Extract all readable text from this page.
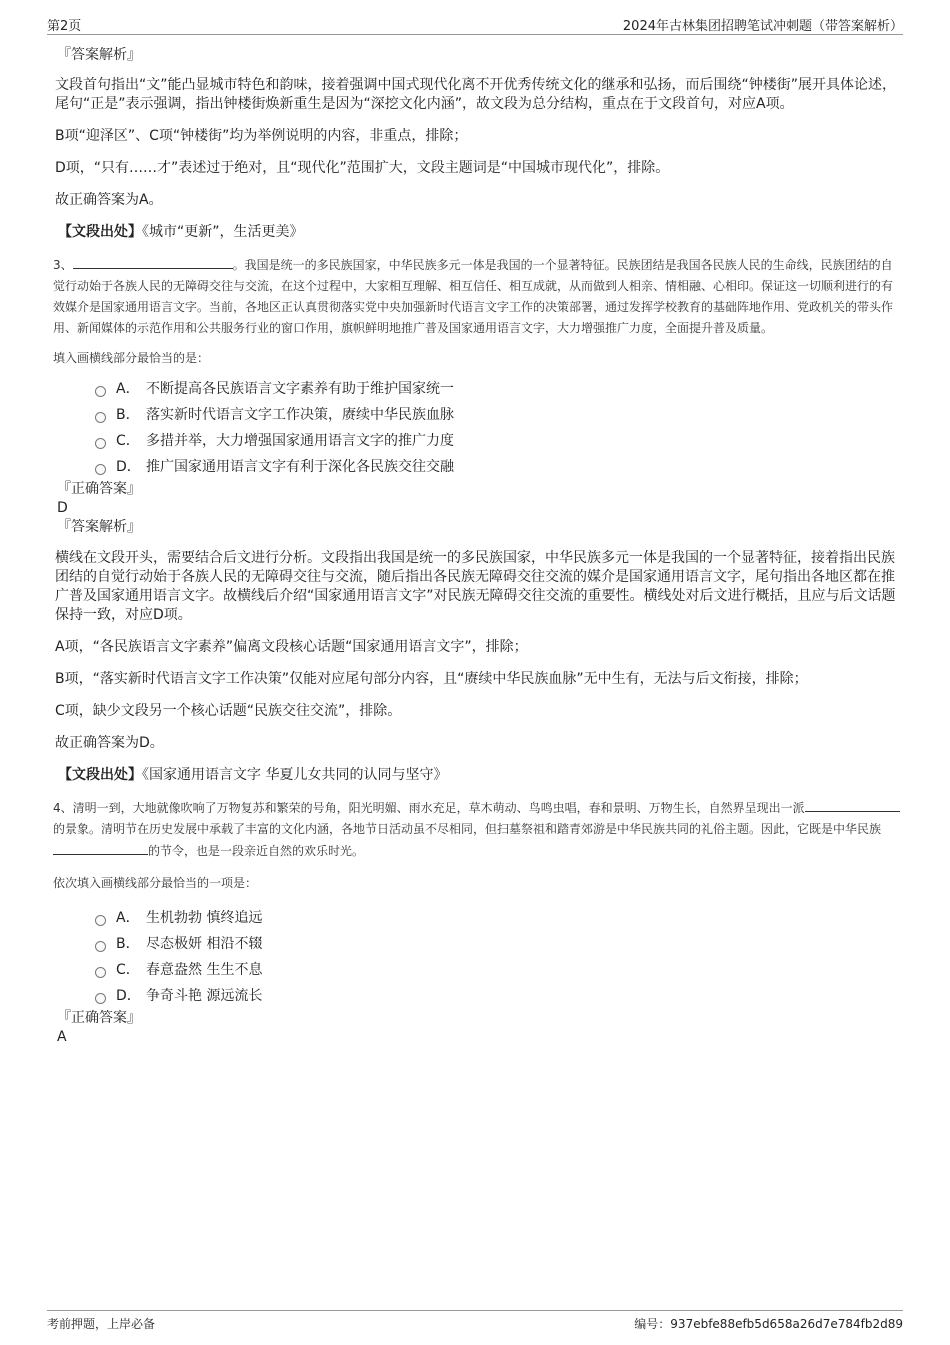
第2页	2024年古林集团招聘笔试冲刺题（带答案解析）
『答案解析』

文段首句指出“文”能凸显城市特色和韵味，接着强调中国式现代化离不开优秀传统文化的继承和弘扬，而后围绕“钟楼街”展开具体论述，尾句“正是”表示强调，指出钟楼街焕新重生是因为“深挖文化内涵”，故文段为总分结构，重点在于文段首句，对应A项。

B项“迎泽区”、C项“钟楼街”均为举例说明的内容，非重点，排除；

D项，“只有……才”表述过于绝对，且“现代化”范围扩大，文段主题词是“中国城市现代化”，排除。

故正确答案为A。

【文段出处】《城市“更新”，生活更美》

3、	。我国是统一的多民族国家，中华民族多元一体是我国的一个显著特征。民族团结是我国各民族人民的生命线，民族团结的自觉行动始于各族人民的无障碍交往与交流，在这个过程中，大家相互理解、相互信任、相互成就，从而做到人相亲、情相融、心相印。保证这一切顺利进行的有效媒介是国家通用语言文字。当前，各地区正认真贯彻落实党中央加强新时代语言文字工作的决策部署，通过发挥学校教育的基础阵地作用、党政机关的带头作用、新闻媒体的示范作用和公共服务行业的窗口作用，旗帜鲜明地推广普及国家通用语言文字，大力增强推广力度，全面提升普及质量。

填入画横线部分最恰当的是：
A． 不断提高各民族语言文字素养有助于维护国家统一
B． 落实新时代语言文字工作决策，赓续中华民族血脉
C． 多措并举，大力增强国家通用语言文字的推广力度
D． 推广国家通用语言文字有利于深化各民族交往交融
『正确答案』
D
『答案解析』

横线在文段开头，需要结合后文进行分析。文段指出我国是统一的多民族国家，中华民族多元一体是我国的一个显著特征，接着指出民族团结的自觉行动始于各族人民的无障碍交往与交流，随后指出各民族无障碍交往交流的媒介是国家通用语言文字，尾句指出各地区都在推广普及国家通用语言文字。故横线后介绍“国家通用语言文字”对民族无障碍交往交流的重要性。横线处对后文进行概括，且应与后文话题保持一致，对应D项。

A项，“各民族语言文字素养”偏离文段核心话题“国家通用语言文字”，排除；

B项，“落实新时代语言文字工作决策”仅能对应尾句部分内容，且“赓续中华民族血脉”无中生有，无法与后文衔接，排除；

C项，缺少文段另一个核心话题“民族交往交流”，排除。

故正确答案为D。

【文段出处】《国家通用语言文字 华夏儿女共同的认同与坚守》

4、清明一到，大地就像吹响了万物复苏和繁荣的号角，阳光明媚、雨水充足，草木萌动、鸟鸣虫唱，春和景明、万物生长，自然界呈现出一派的景象。清明节在历史发展中承载了丰富的文化内涵，各地节日活动虽不尽相同，但扫墓祭祖和踏青郊游是中华民族共同的礼俗主题。因此，它既是中华民族的节令，也是一段亲近自然的欢乐时光。

依次填入画横线部分最恰当的一项是：
A． 生机勃勃 慎终追远
B． 尽态极妍 相沿不辍
C． 春意盎然 生生不息
D． 争奇斗艳 源远流长
『正确答案』
A
考前押题，上岸必备	编号：937ebfe88efb5d658a26d7e784fb2d89
